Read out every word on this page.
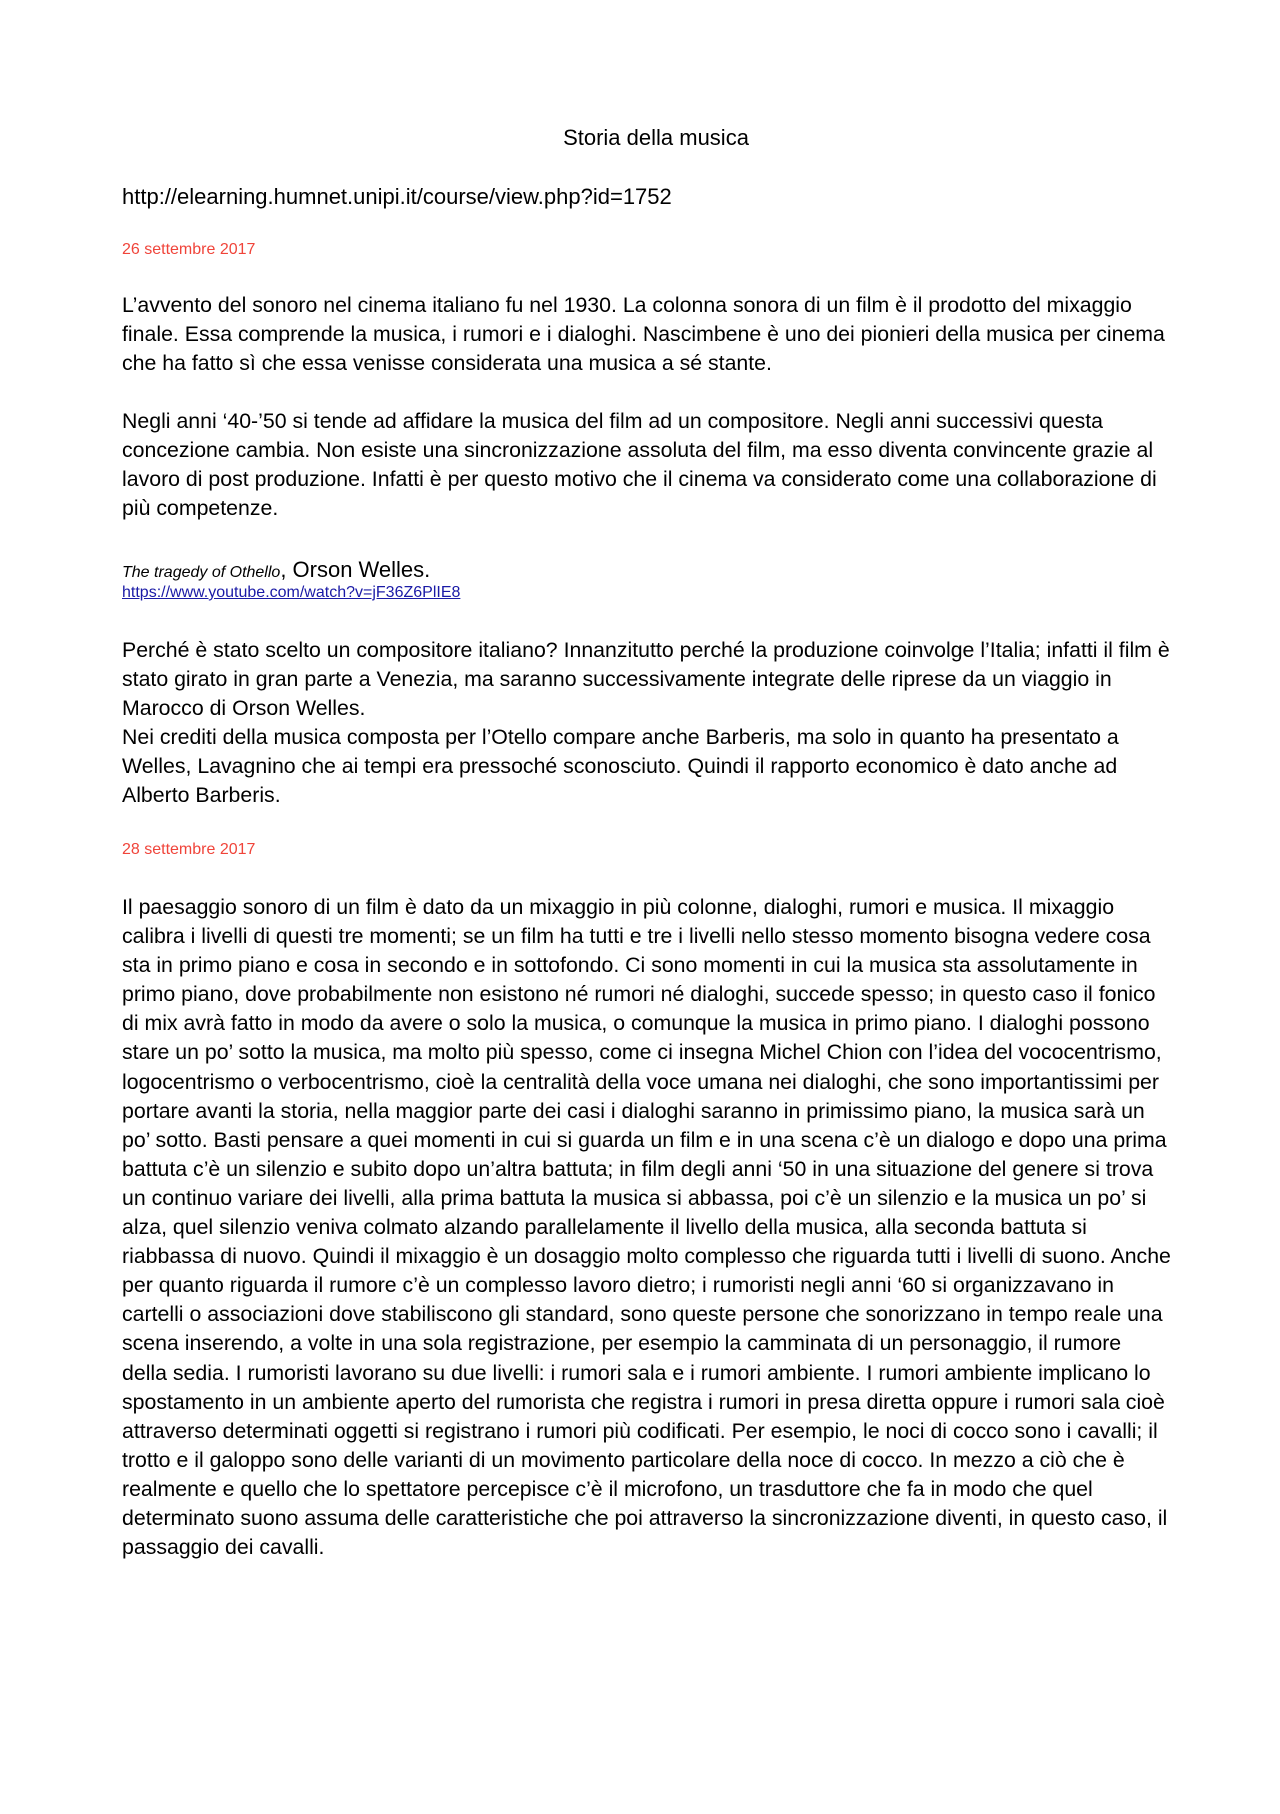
Storia della musica
http://elearning.humnet.unipi.it/course/view.php?id=1752
26 settembre 2017

L’avvento del sonoro nel cinema italiano fu nel 1930. La colonna sonora di un film è il prodotto del mixaggio finale. Essa comprende la musica, i rumori e i dialoghi. Nascimbene è uno dei pionieri della musica per cinema che ha fatto sì che essa venisse considerata una musica a sé stante.

Negli anni ‘40-’50 si tende ad affidare la musica del film ad un compositore. Negli anni successivi questa concezione cambia. Non esiste una sincronizzazione assoluta del film, ma esso diventa convincente grazie al lavoro di post produzione. Infatti è per questo motivo che il cinema va considerato come una collaborazione di più competenze.

The tragedy of Othello, Orson Welles.
https://www.youtube.com/watch?v=jF36Z6PlIE8

Perché è stato scelto un compositore italiano? Innanzitutto perché la produzione coinvolge l’Italia; infatti il film è stato girato in gran parte a Venezia, ma saranno successivamente integrate delle riprese da un viaggio in Marocco di Orson Welles.

Nei crediti della musica composta per l’Otello compare anche Barberis, ma solo in quanto ha presentato a Welles, Lavagnino che ai tempi era pressoché sconosciuto. Quindi il rapporto economico è dato anche ad Alberto Barberis.

28 settembre 2017

Il paesaggio sonoro di un film è dato da un mixaggio in più colonne, dialoghi, rumori e musica. Il mixaggio calibra i livelli di questi tre momenti; se un film ha tutti e tre i livelli nello stesso momento bisogna vedere cosa sta in primo piano e cosa in secondo e in sottofondo. Ci sono momenti in cui la musica sta assolutamente in primo piano, dove probabilmente non esistono né rumori né dialoghi, succede spesso; in questo caso il fonico di mix avrà fatto in modo da avere o solo la musica, o comunque la musica in primo piano. I dialoghi possono stare un po’ sotto la musica, ma molto più spesso, come ci insegna Michel Chion con l’idea del vococentrismo, logocentrismo o verbocentrismo, cioè la centralità della voce umana nei dialoghi, che sono importantissimi per portare avanti la storia, nella maggior parte dei casi i dialoghi saranno in primissimo piano, la musica sarà un po’ sotto. Basti pensare a quei momenti in cui si guarda un film e in una scena c’è un dialogo e dopo una prima battuta c’è un silenzio e subito dopo un’altra battuta; in film degli anni ‘50 in una situazione del genere si trova un continuo variare dei livelli, alla prima battuta la musica si abbassa, poi c’è un silenzio e la musica un po’ si alza, quel silenzio veniva colmato alzando parallelamente il livello della musica, alla seconda battuta si riabbassa di nuovo. Quindi il mixaggio è un dosaggio molto complesso che riguarda tutti i livelli di suono. Anche per quanto riguarda il rumore c’è un complesso lavoro dietro; i rumoristi negli anni ‘60 si organizzavano in cartelli o associazioni dove stabiliscono gli standard, sono queste persone che sonorizzano in tempo reale una scena inserendo, a volte in una sola registrazione, per esempio la camminata di un personaggio, il rumore della sedia. I rumoristi lavorano su due livelli: i rumori sala e i rumori ambiente. I rumori ambiente implicano lo spostamento in un ambiente aperto del rumorista che registra i rumori in presa diretta oppure i rumori sala cioè attraverso determinati oggetti si registrano i rumori più codificati. Per esempio, le noci di cocco sono i cavalli; il trotto e il galoppo sono delle varianti di un movimento particolare della noce di cocco. In mezzo a ciò che è realmente e quello che lo spettatore percepisce c’è il microfono, un trasduttore che fa in modo che quel determinato suono assuma delle caratteristiche che poi attraverso la sincronizzazione diventi, in questo caso, il passaggio dei cavalli.
